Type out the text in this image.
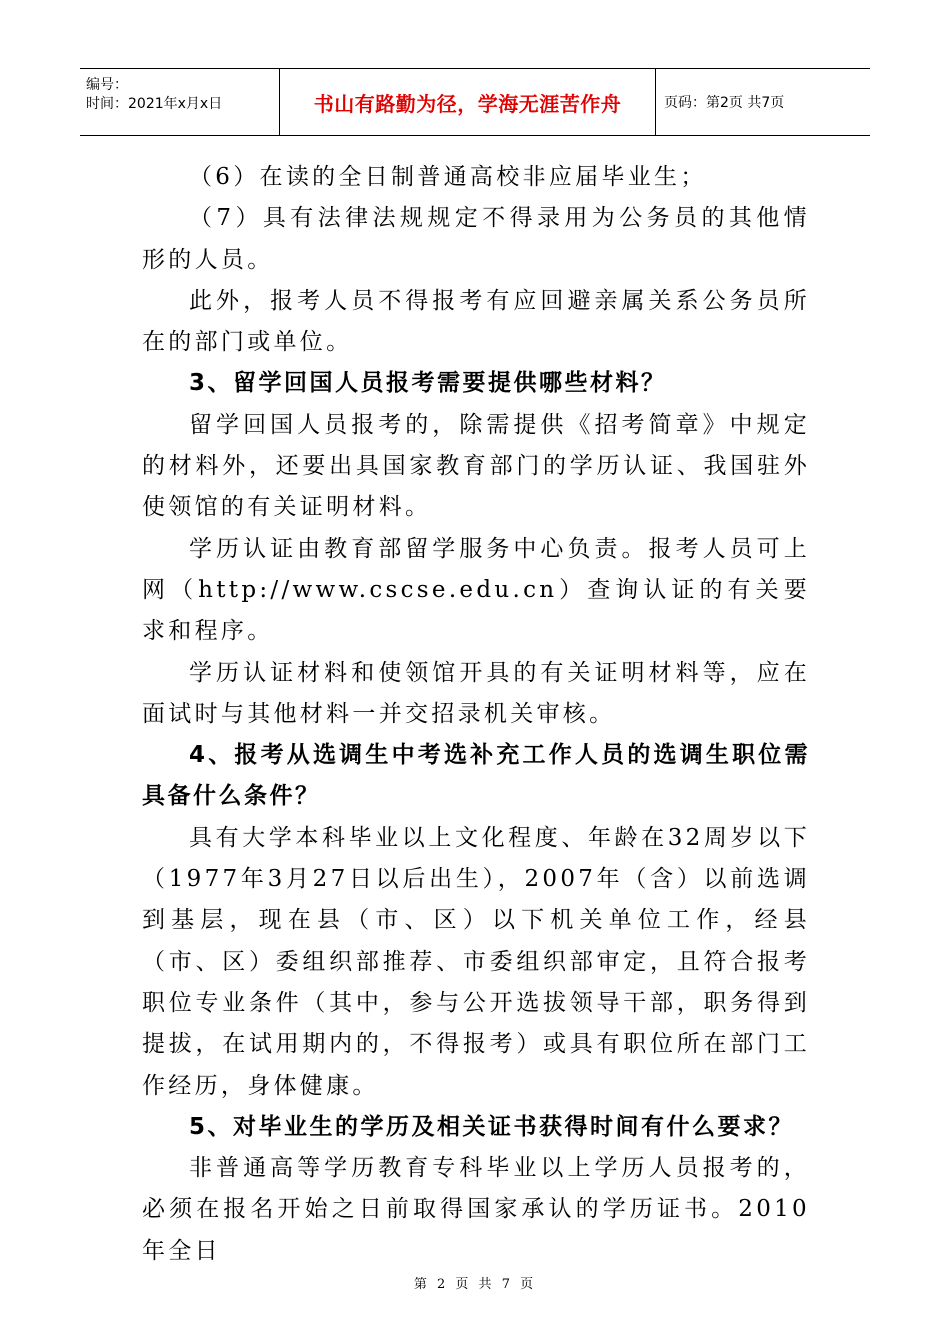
编号：
时间：2021年x月x日	书山有路勤为径，学海无涯苦作舟	页码：第2页 共7页

（6）在读的全日制普通高校非应届毕业生；

（7）具有法律法规规定不得录用为公务员的其他情形的人员。

此外，报考人员不得报考有应回避亲属关系公务员所在的部门或单位。

3、留学回国人员报考需要提供哪些材料？

留学回国人员报考的，除需提供《招考简章》中规定的材料外，还要出具国家教育部门的学历认证、我国驻外使领馆的有关证明材料。

学历认证由教育部留学服务中心负责。报考人员可上网（http://www.cscse.edu.cn）查询认证的有关要求和程序。

学历认证材料和使领馆开具的有关证明材料等，应在面试时与其他材料一并交招录机关审核。

4、报考从选调生中考选补充工作人员的选调生职位需具备什么条件？

具有大学本科毕业以上文化程度、年龄在32周岁以下（1977年3月27日以后出生），2007年（含）以前选调到基层，现在县（市、区）以下机关单位工作，经县（市、区）委组织部推荐、市委组织部审定，且符合报考职位专业条件（其中，参与公开选拔领导干部，职务得到提拔，在试用期内的，不得报考）或具有职位所在部门工作经历，身体健康。

5、对毕业生的学历及相关证书获得时间有什么要求？

非普通高等学历教育专科毕业以上学历人员报考的，必须在报名开始之日前取得国家承认的学历证书。2010年全日

第 2 页 共 7 页
